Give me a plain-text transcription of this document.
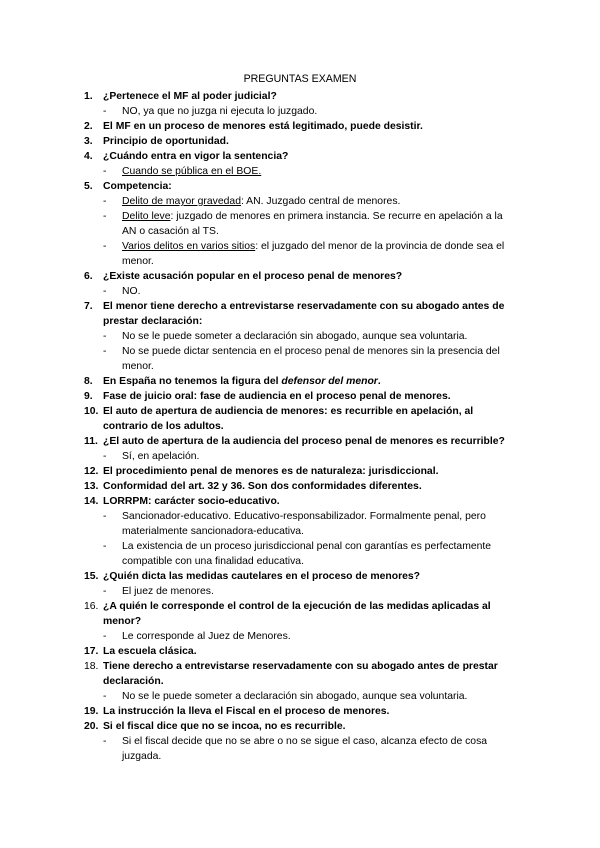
PREGUNTAS EXAMEN
1. ¿Pertenece el MF al poder judicial?
- NO, ya que no juzga ni ejecuta lo juzgado.
2. El MF en un proceso de menores está legitimado, puede desistir.
3. Principio de oportunidad.
4. ¿Cuándo entra en vigor la sentencia?
- Cuando se pública en el BOE.
5. Competencia:
- Delito de mayor gravedad: AN. Juzgado central de menores.
- Delito leve: juzgado de menores en primera instancia. Se recurre en apelación a la AN o casación al TS.
- Varios delitos en varios sitios: el juzgado del menor de la provincia de donde sea el menor.
6. ¿Existe acusación popular en el proceso penal de menores?
- NO.
7. El menor tiene derecho a entrevistarse reservadamente con su abogado antes de prestar declaración:
- No se le puede someter a declaración sin abogado, aunque sea voluntaria.
- No se puede dictar sentencia en el proceso penal de menores sin la presencia del menor.
8. En España no tenemos la figura del defensor del menor.
9. Fase de juicio oral: fase de audiencia en el proceso penal de menores.
10. El auto de apertura de audiencia de menores: es recurrible en apelación, al contrario de los adultos.
11. ¿El auto de apertura de la audiencia del proceso penal de menores es recurrible?
- Sí, en apelación.
12. El procedimiento penal de menores es de naturaleza: jurisdiccional.
13. Conformidad del art. 32 y 36. Son dos conformidades diferentes.
14. LORRPM: carácter socio-educativo.
- Sancionador-educativo. Educativo-responsabilizador. Formalmente penal, pero materialmente sancionadora-educativa.
- La existencia de un proceso jurisdiccional penal con garantías es perfectamente compatible con una finalidad educativa.
15. ¿Quién dicta las medidas cautelares en el proceso de menores?
- El juez de menores.
16. ¿A quién le corresponde el control de la ejecución de las medidas aplicadas al menor?
- Le corresponde al Juez de Menores.
17. La escuela clásica.
18. Tiene derecho a entrevistarse reservadamente con su abogado antes de prestar declaración.
- No se le puede someter a declaración sin abogado, aunque sea voluntaria.
19. La instrucción la lleva el Fiscal en el proceso de menores.
20. Si el fiscal dice que no se incoa, no es recurrible.
- Si el fiscal decide que no se abre o no se sigue el caso, alcanza efecto de cosa juzgada.
